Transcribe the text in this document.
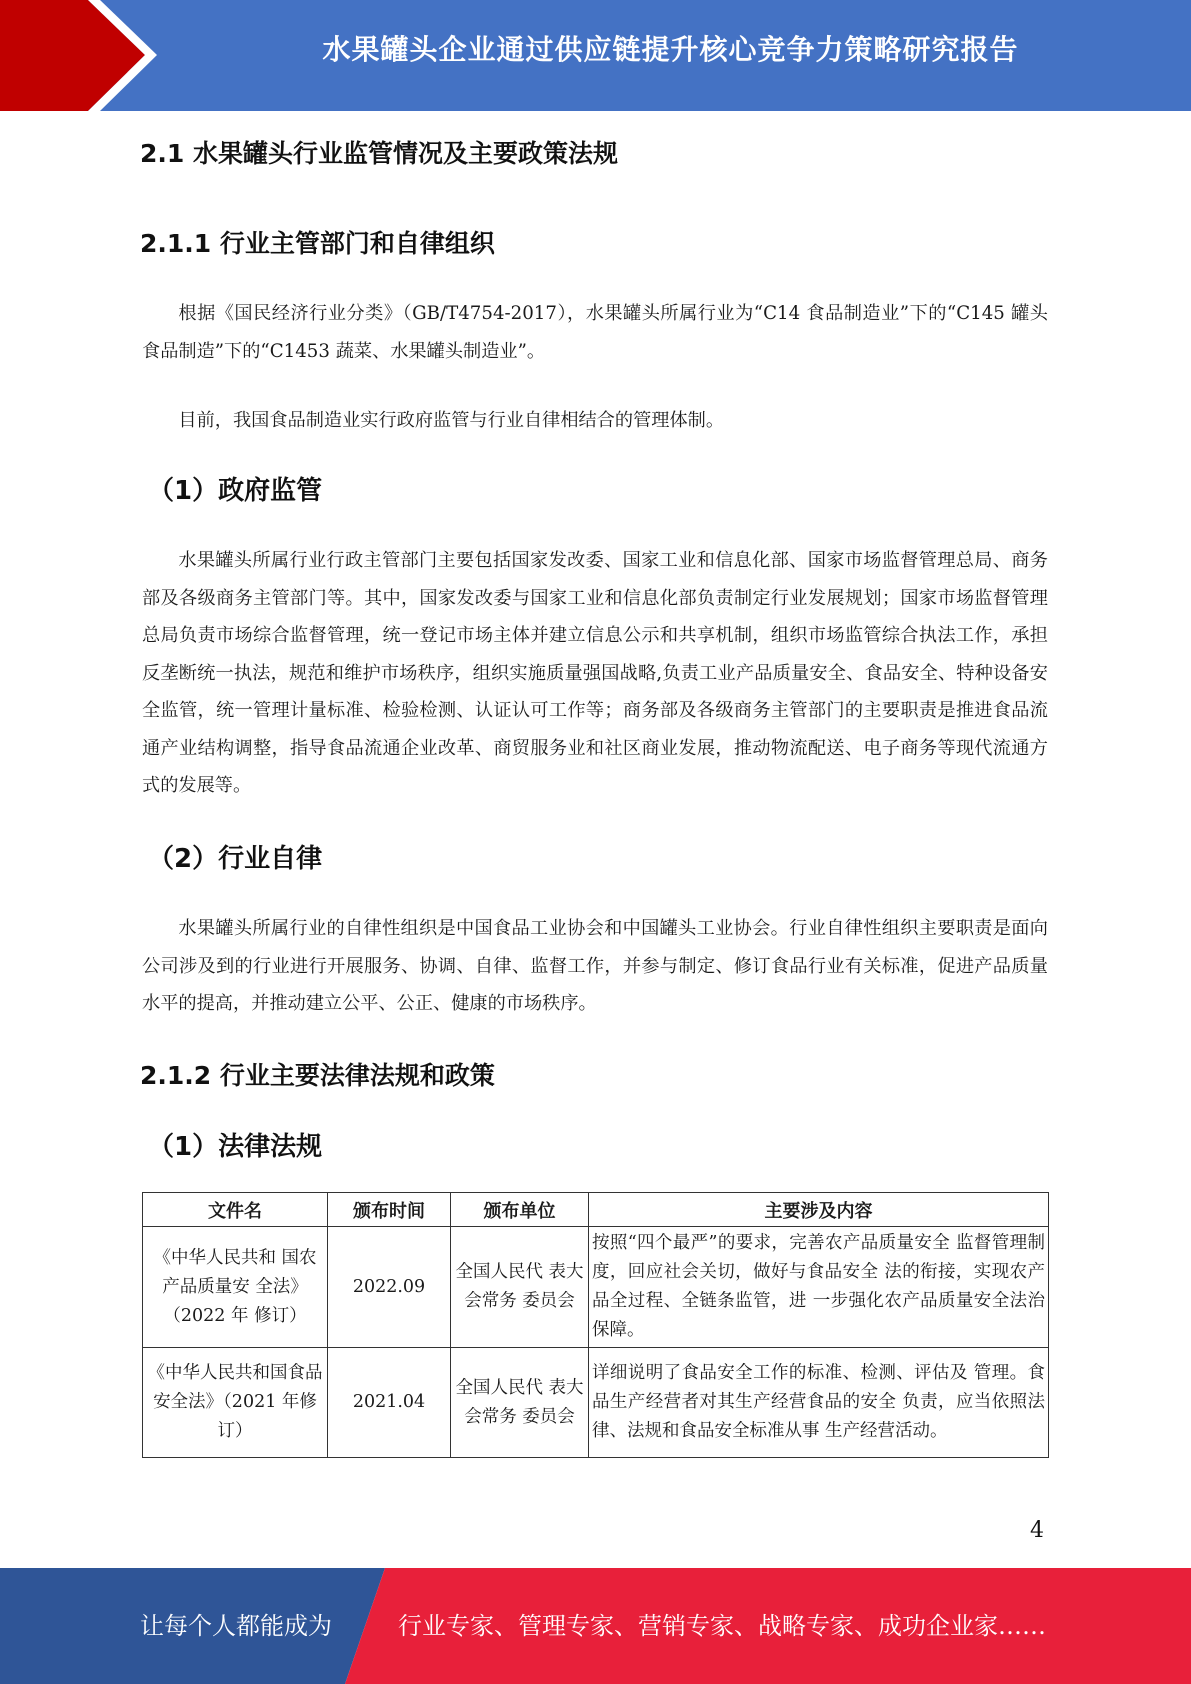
水果罐头企业通过供应链提升核心竞争力策略研究报告
2.1 水果罐头行业监管情况及主要政策法规
2.1.1 行业主管部门和自律组织

根据《国民经济行业分类》（GB/T4754-2017），水果罐头所属行业为“C14 食品制造业”下的“C145 罐头食品制造”下的“C1453 蔬菜、水果罐头制造业”。

目前，我国食品制造业实行政府监管与行业自律相结合的管理体制。

（1）政府监管

水果罐头所属行业行政主管部门主要包括国家发改委、国家工业和信息化部、国家市场监督管理总局、商务部及各级商务主管部门等。其中，国家发改委与国家工业和信息化部负责制定行业发展规划；国家市场监督管理总局负责市场综合监督管理，统一登记市场主体并建立信息公示和共享机制，组织市场监管综合执法工作，承担反垄断统一执法，规范和维护市场秩序，组织实施质量强国战略,负责工业产品质量安全、食品安全、特种设备安全监管，统一管理计量标准、检验检测、认证认可工作等；商务部及各级商务主管部门的主要职责是推进食品流通产业结构调整，指导食品流通企业改革、商贸服务业和社区商业发展，推动物流配送、电子商务等现代流通方式的发展等。

（2）行业自律

水果罐头所属行业的自律性组织是中国食品工业协会和中国罐头工业协会。行业自律性组织主要职责是面向公司涉及到的行业进行开展服务、协调、自律、监督工作，并参与制定、修订食品行业有关标准，促进产品质量水平的提高，并推动建立公平、公正、健康的市场秩序。

2.1.2 行业主要法律法规和政策
（1）法律法规
文件名	颁布时间	颁布单位	主要涉及内容
《中华人民共和 国农产品质量安 全法》（2022 年 修订）	2022.09	全国人民代 表大会常务 委员会	按照“四个最严”的要求，完善农产品质量安全 监督管理制度，回应社会关切，做好与食品安全 法的衔接，实现农产品全过程、全链条监管，进 一步强化农产品质量安全法治保障。
《中华人民共和国食品安全法》（2021 年修订）	2021.04	全国人民代 表大会常务 委员会	详细说明了食品安全工作的标准、检测、评估及 管理。食品生产经营者对其生产经营食品的安全 负责，应当依照法律、法规和食品安全标准从事 生产经营活动。
4
让每个人都能成为	行业专家、管理专家、营销专家、战略专家、成功企业家……
